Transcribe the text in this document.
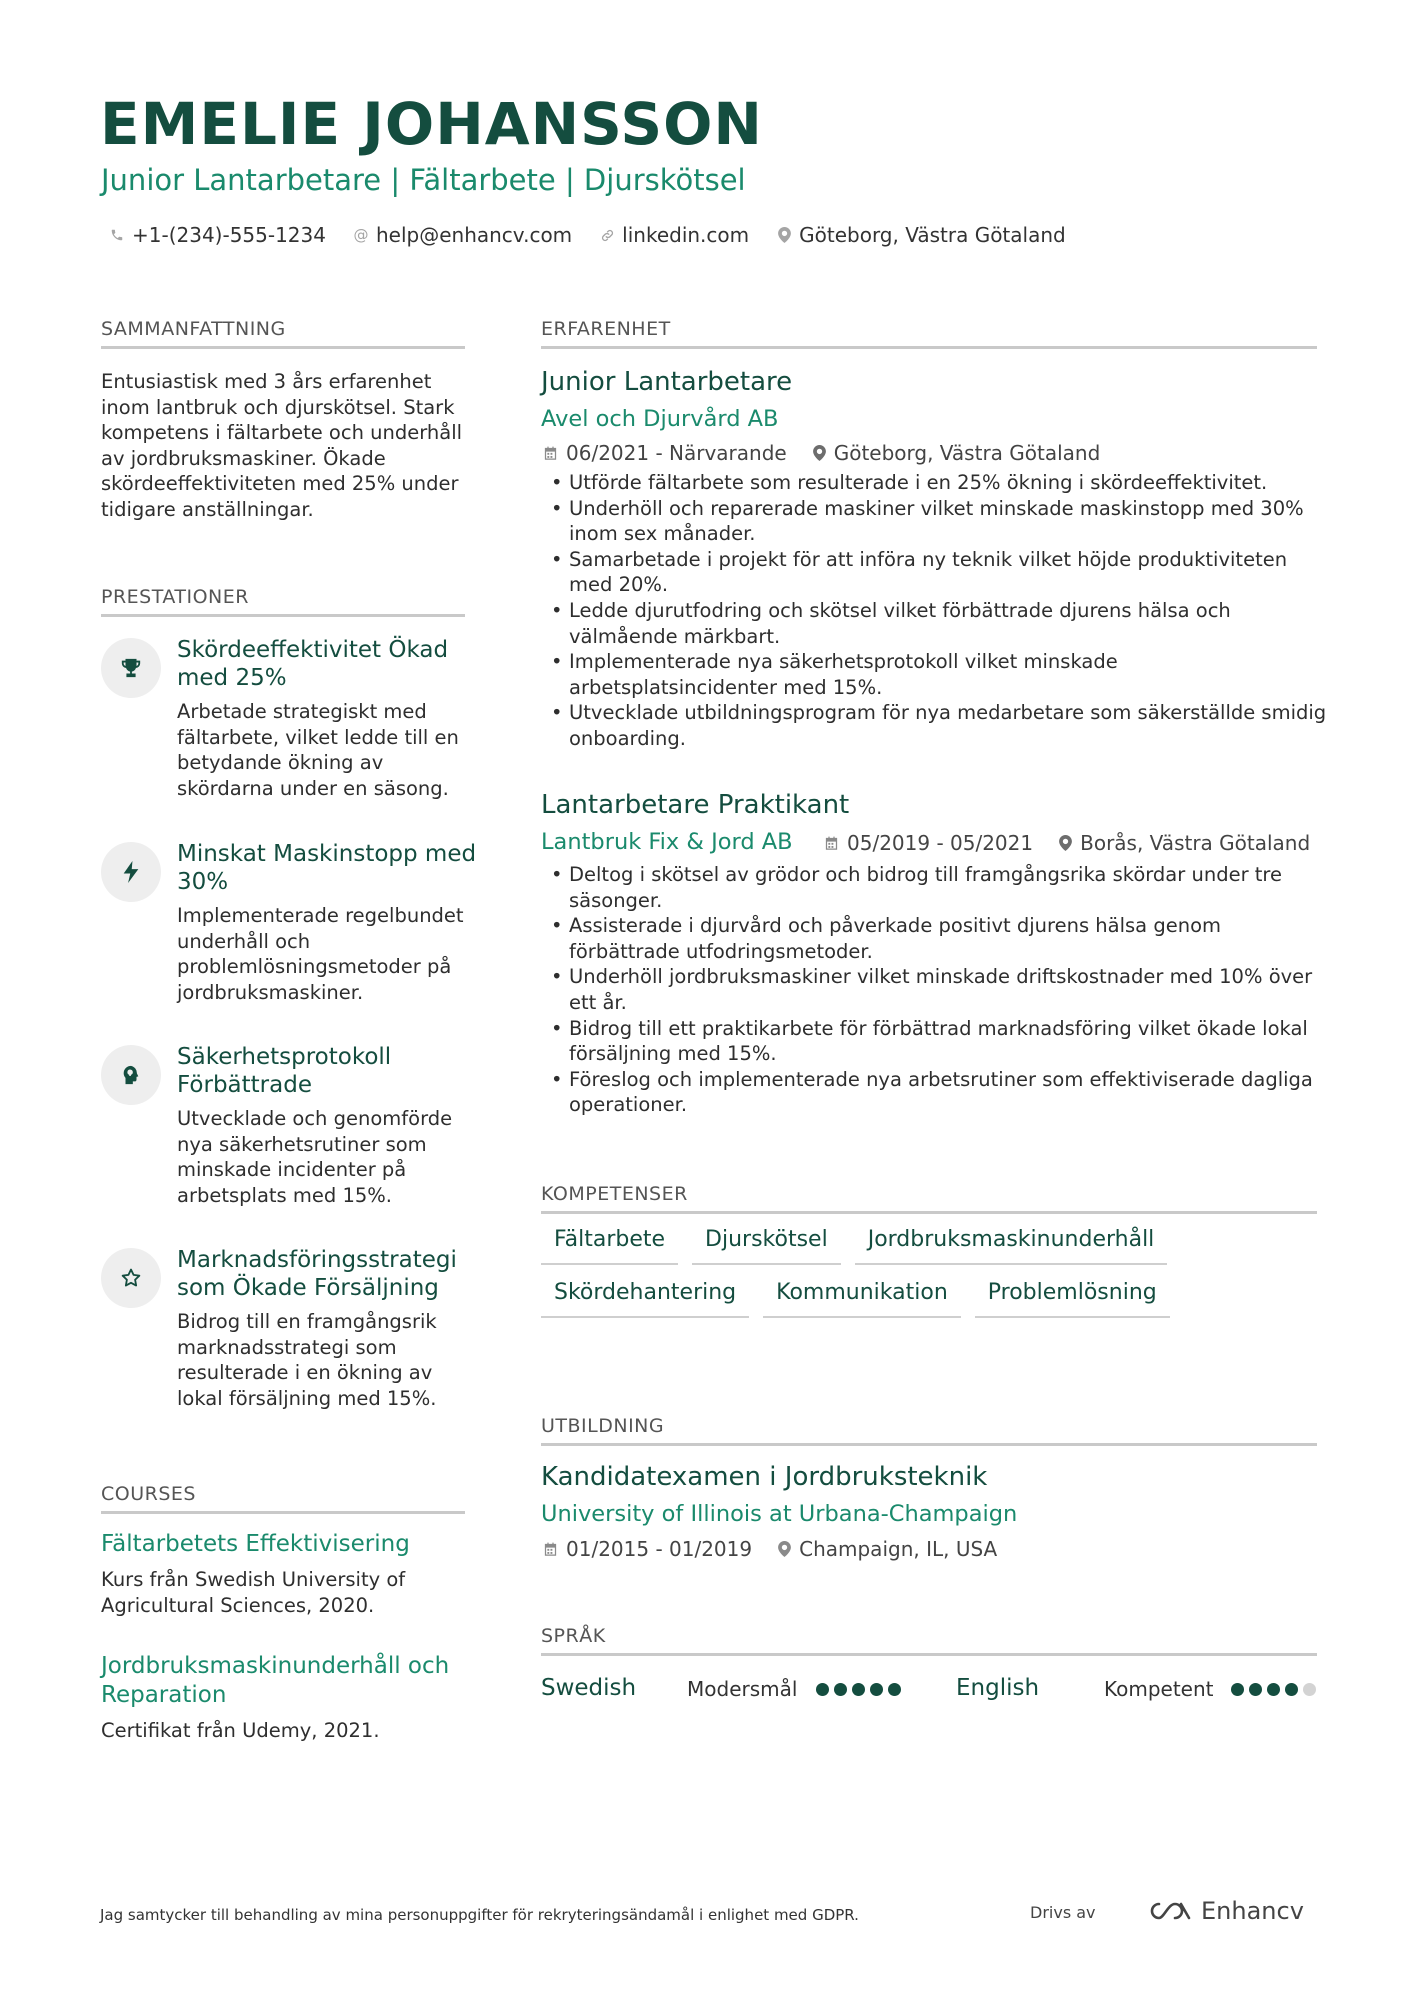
EMELIE JOHANSSON
Junior Lantarbetare | Fältarbete | Djurskötsel
+1-(234)-555-1234 @ help@enhancv.com	linkedin.com	Göteborg, Västra Götaland
SAMMANFATTNING
Entusiastisk med 3 års erfarenhet inom lantbruk och djurskötsel. Stark kompetens i fältarbete och underhåll av jordbruksmaskiner. Ökade skördeeffektiviteten med 25% under tidigare anställningar.
PRESTATIONER
Skördeeffektivitet Ökad med 25%
Arbetade strategiskt med fältarbete, vilket ledde till en betydande ökning av skördarna under en säsong.
Minskat Maskinstopp med 30%
Implementerade regelbundet underhåll och problemlösningsmetoder på jordbruksmaskiner.
Säkerhetsprotokoll Förbättrade
Utvecklade och genomförde nya säkerhetsrutiner som minskade incidenter på arbetsplats med 15%.
Marknadsföringsstrategi som Ökade Försäljning
Bidrog till en framgångsrik marknadsstrategi som resulterade i en ökning av lokal försäljning med 15%.
COURSES
Fältarbetets Effektivisering
Kurs från Swedish University of Agricultural Sciences, 2020.
Jordbruksmaskinunderhåll och Reparation
Certifikat från Udemy, 2021.
ERFARENHET
Junior Lantarbetare
Avel och Djurvård AB
06/2021 - Närvarande Göteborg, Västra Götaland
• Utförde fältarbete som resulterade i en 25% ökning i skördeeffektivitet.
• Underhöll och reparerade maskiner vilket minskade maskinstopp med 30% inom sex månader.
• Samarbetade i projekt för att införa ny teknik vilket höjde produktiviteten med 20%.
• Ledde djurutfodring och skötsel vilket förbättrade djurens hälsa och välmående märkbart.
• Implementerade nya säkerhetsprotokoll vilket minskade arbetsplatsincidenter med 15%.
• Utvecklade utbildningsprogram för nya medarbetare som säkerställde smidig onboarding.
Lantarbetare Praktikant
Lantbruk Fix & Jord AB	05/2019 - 05/2021 Borås, Västra Götaland
• Deltog i skötsel av grödor och bidrog till framgångsrika skördar under tre säsonger.
• Assisterade i djurvård och påverkade positivt djurens hälsa genom förbättrade utfodringsmetoder.
• Underhöll jordbruksmaskiner vilket minskade driftskostnader med 10% över ett år.
• Bidrog till ett praktikarbete för förbättrad marknadsföring vilket ökade lokal försäljning med 15%.
• Föreslog och implementerade nya arbetsrutiner som effektiviserade dagliga operationer.
KOMPETENSER
Fältarbete	Djurskötsel	Jordbruksmaskinunderhåll
Skördehantering	Kommunikation	Problemlösning
UTBILDNING
Kandidatexamen i Jordbruksteknik
University of Illinois at Urbana-Champaign
01/2015 - 01/2019 Champaign, IL, USA
SPRÅK
Swedish	Modersmål	English	Kompetent
Jag samtycker till behandling av mina personuppgifter för rekryteringsändamål i enlighet med GDPR.	Drivs av	Enhancv
